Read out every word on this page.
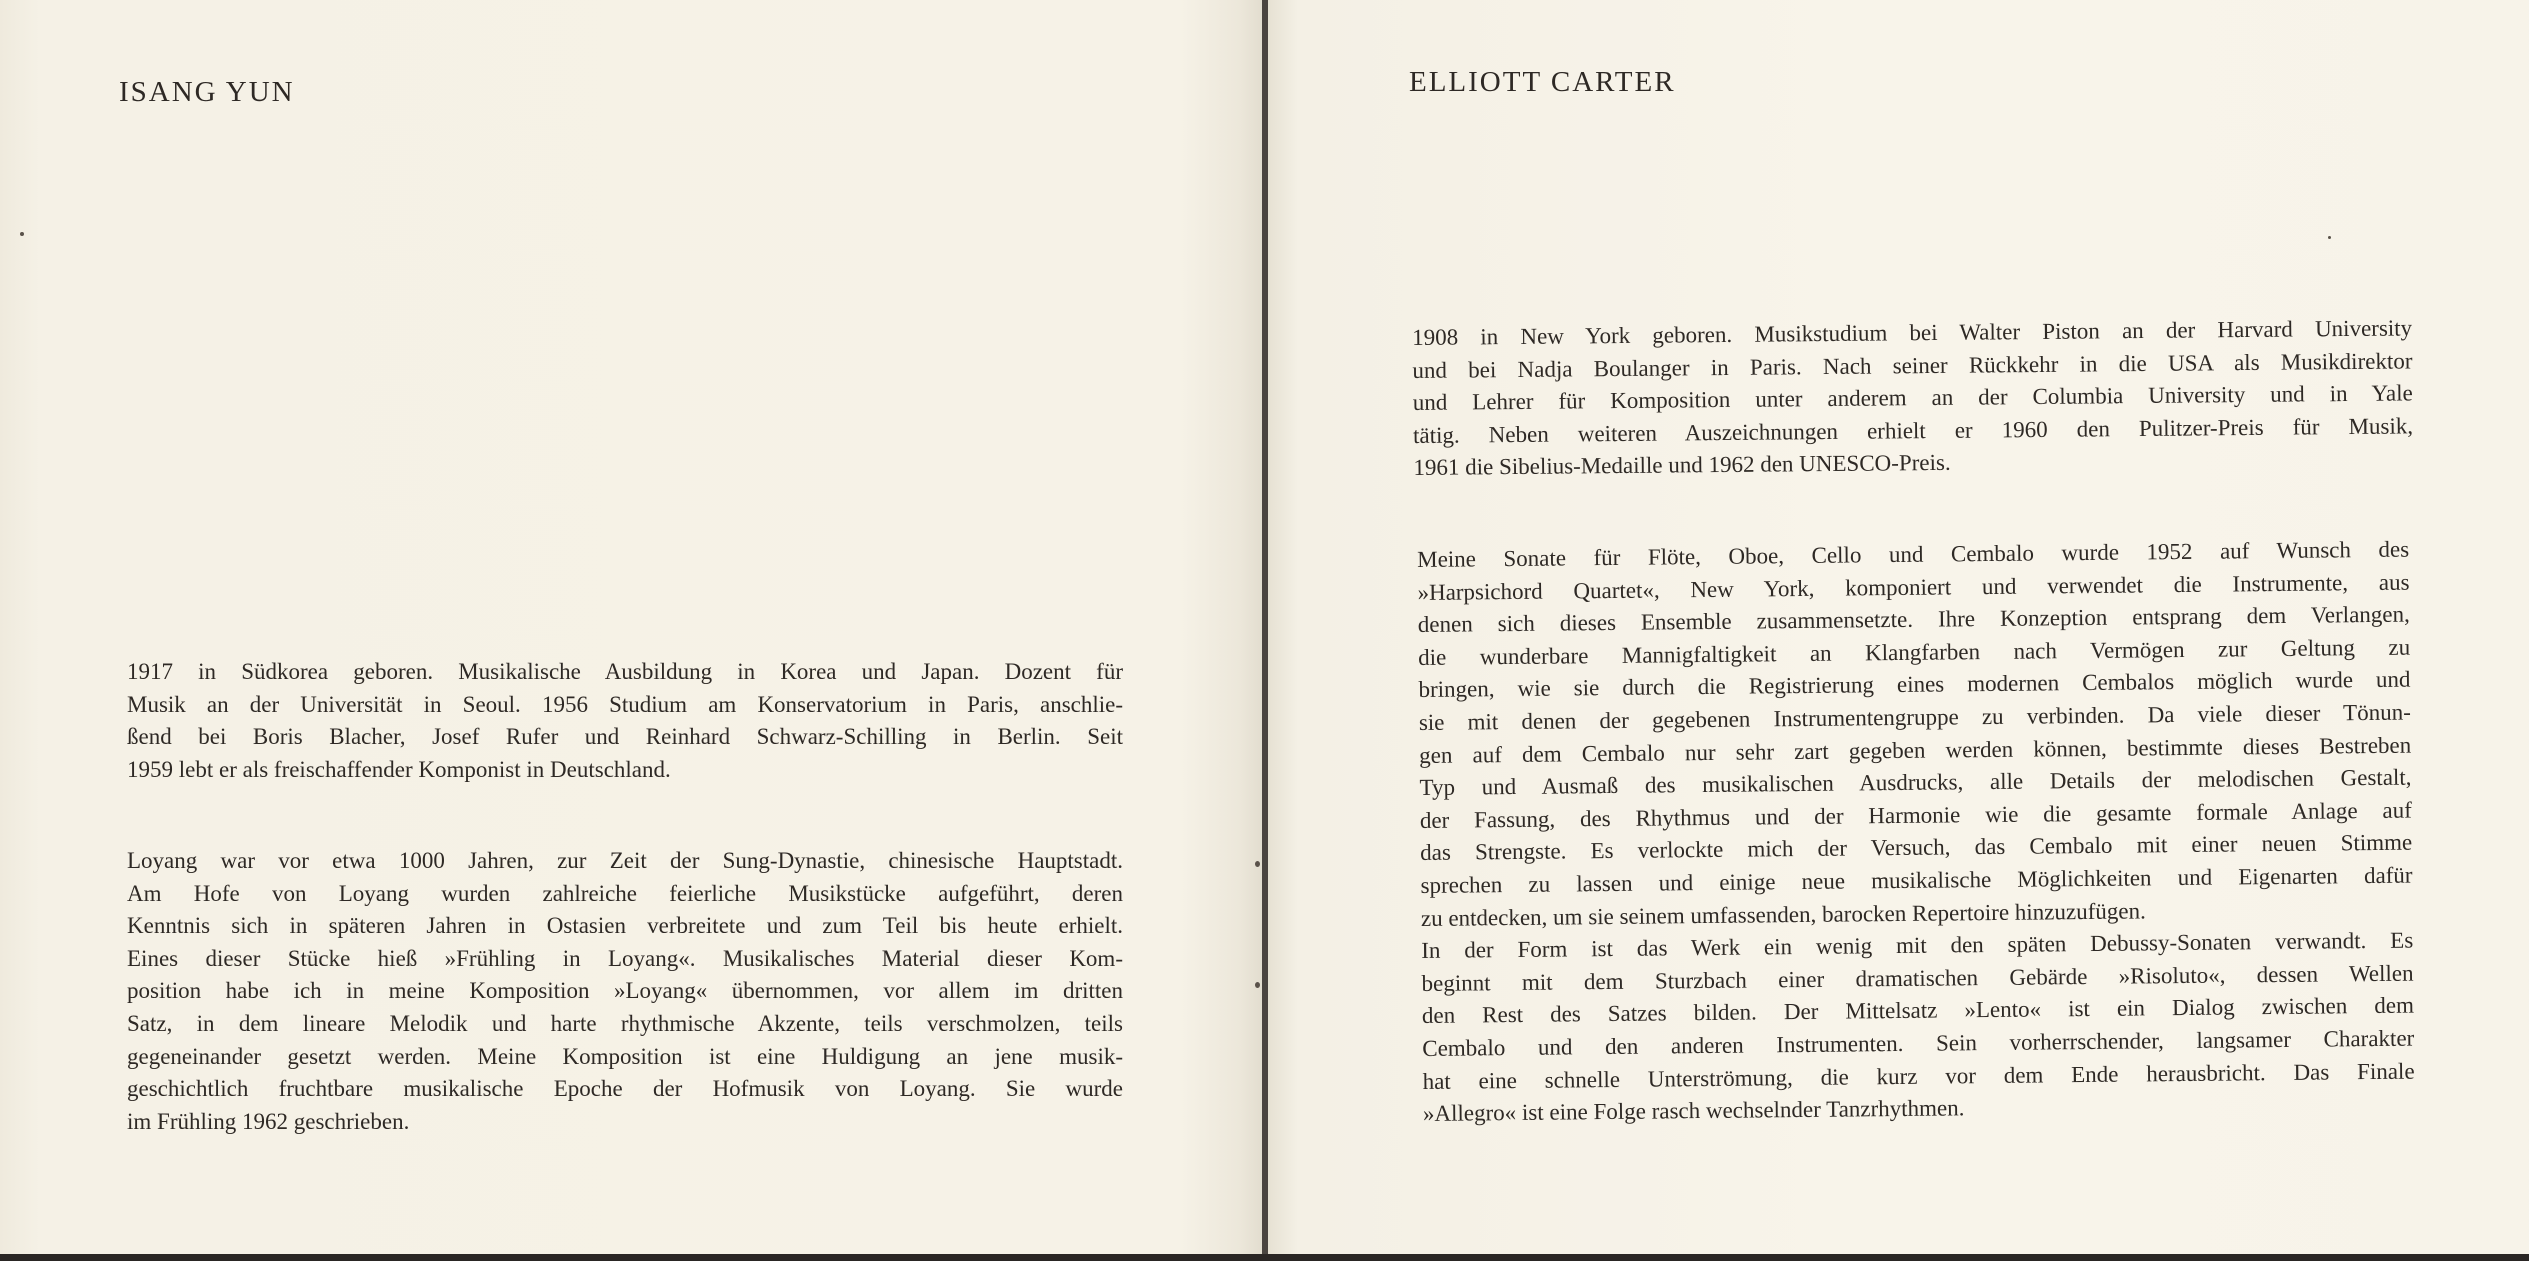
ISANG YUN
1917 in Südkorea geboren. Musikalische Ausbildung in Korea und Japan. Dozent für
Musik an der Universität in Seoul. 1956 Studium am Konservatorium in Paris, anschlie-
ßend bei Boris Blacher, Josef Rufer und Reinhard Schwarz-Schilling in Berlin. Seit
1959 lebt er als freischaffender Komponist in Deutschland.
Loyang war vor etwa 1000 Jahren, zur Zeit der Sung-Dynastie, chinesische Hauptstadt.
Am Hofe von Loyang wurden zahlreiche feierliche Musikstücke aufgeführt, deren
Kenntnis sich in späteren Jahren in Ostasien verbreitete und zum Teil bis heute erhielt.
Eines dieser Stücke hieß »Frühling in Loyang«. Musikalisches Material dieser Kom-
position habe ich in meine Komposition »Loyang« übernommen, vor allem im dritten
Satz, in dem lineare Melodik und harte rhythmische Akzente, teils verschmolzen, teils
gegeneinander gesetzt werden. Meine Komposition ist eine Huldigung an jene musik-
geschichtlich fruchtbare musikalische Epoche der Hofmusik von Loyang. Sie wurde
im Frühling 1962 geschrieben.
ELLIOTT CARTER
1908 in New York geboren. Musikstudium bei Walter Piston an der Harvard University
und bei Nadja Boulanger in Paris. Nach seiner Rückkehr in die USA als Musikdirektor
und Lehrer für Komposition unter anderem an der Columbia University und in Yale
tätig. Neben weiteren Auszeichnungen erhielt er 1960 den Pulitzer-Preis für Musik,
1961 die Sibelius-Medaille und 1962 den UNESCO-Preis.
Meine Sonate für Flöte, Oboe, Cello und Cembalo wurde 1952 auf Wunsch des
»Harpsichord Quartet«, New York, komponiert und verwendet die Instrumente, aus
denen sich dieses Ensemble zusammensetzte. Ihre Konzeption entsprang dem Verlangen,
die wunderbare Mannigfaltigkeit an Klangfarben nach Vermögen zur Geltung zu
bringen, wie sie durch die Registrierung eines modernen Cembalos möglich wurde und
sie mit denen der gegebenen Instrumentengruppe zu verbinden. Da viele dieser Tönun-
gen auf dem Cembalo nur sehr zart gegeben werden können, bestimmte dieses Bestreben
Typ und Ausmaß des musikalischen Ausdrucks, alle Details der melodischen Gestalt,
der Fassung, des Rhythmus und der Harmonie wie die gesamte formale Anlage auf
das Strengste. Es verlockte mich der Versuch, das Cembalo mit einer neuen Stimme
sprechen zu lassen und einige neue musikalische Möglichkeiten und Eigenarten dafür
zu entdecken, um sie seinem umfassenden, barocken Repertoire hinzuzufügen.
In der Form ist das Werk ein wenig mit den späten Debussy-Sonaten verwandt. Es
beginnt mit dem Sturzbach einer dramatischen Gebärde »Risoluto«, dessen Wellen
den Rest des Satzes bilden. Der Mittelsatz »Lento« ist ein Dialog zwischen dem
Cembalo und den anderen Instrumenten. Sein vorherrschender, langsamer Charakter
hat eine schnelle Unterströmung, die kurz vor dem Ende herausbricht. Das Finale
»Allegro« ist eine Folge rasch wechselnder Tanzrhythmen.
